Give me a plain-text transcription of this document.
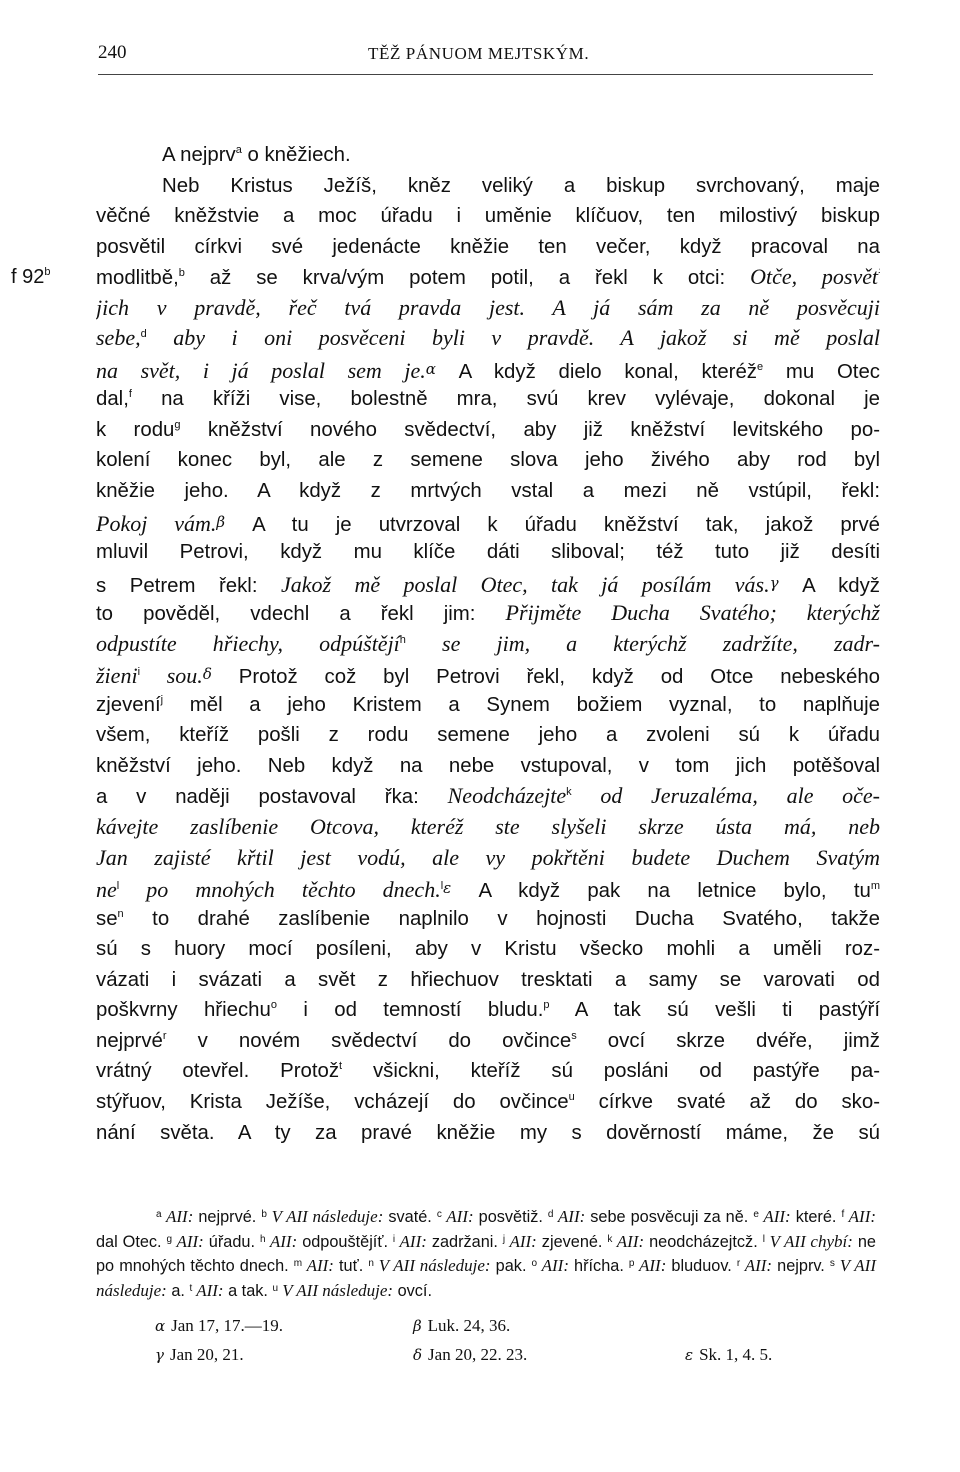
240	TĚŽ PÁNUOM MEJTSKÝM.
f 92$^b$
A nejprv$^a$ o kněžiech.
Neb Kristus Ježíš, kněz veliký a biskup svrchovaný, maje
věčné kněžstvie a moc úřadu i uměnie klíčuov, ten milostivý biskup
posvětil církvi své jedenácte kněžie ten večer, když pracoval na
modlitbě,$^b$ až se krva/vým potem potil, a řekl k otci: Otče, posvěť
jich v pravdě, řeč tvá pravda jest. A já sám za ně posvěcuji
sebe,$^d$ aby i oni posvěceni byli v pravdě. A jakož si mě poslal
na svět, i já poslal sem je.α A když dielo konal, kteréž$^e$ mu Otec
dal,$^f$ na kříži vise, bolestně mra, svú krev vylévaje, dokonal je
k rodu$^g$ kněžství nového svědectví, aby již kněžství levitského po-
kolení konec byl, ale z semene slova jeho živého aby rod byl
kněžie jeho. A když z mrtvých vstal a mezi ně vstúpil, řekl:
Pokoj vám.β A tu je utvrzoval k úřadu kněžství tak, jakož prvé
mluvil Petrovi, když mu klíče dáti sliboval; též tuto již desíti
s Petrem řekl: Jakož mě poslal Otec, tak já posílám vás.γ A když
to pověděl, vdechl a řekl jim: Přijměte Ducha Svatého; kterýchž
odpustíte hřiechy, odpúštějí$^h$ se jim, a kterýchž zadržíte, zadr-
žieni$^i$ sou.δ Protož což byl Petrovi řekl, když od Otce nebeského
zjevení$^j$ měl a jeho Kristem a Synem božiem vyznal, to naplňuje
všem, kteříž pošli z rodu semene jeho a zvoleni sú k úřadu
kněžství jeho. Neb když na nebe vstupoval, v tom jich potěšoval
a v naději postavoval řka: Neodcházejte$^k$ od Jeruzaléma, ale oče-
kávejte zaslíbenie Otcova, kteréž ste slyšeli skrze ústa má, neb
Jan zajisté křtil jest vodú, ale vy pokřtěni budete Duchem Svatým
$ne^l$ po mnohých těchto dnech.$^l$ε A když pak na letnice bylo, $tu^m$
$se^n$ to drahé zaslíbenie naplnilo v hojnosti Ducha Svatého, takže
sú s huory mocí posíleni, aby v Kristu všecko mohli a uměli roz-
vázati i svázati a svět z hřiechuov tresktati a samy se varovati od
poškvrny hřiechu$^o$ i od temností bludu.$^p$ A tak sú vešli ti pastýří
nejprvé$^r$ v novém svědectví do ovčince$^s$ ovcí skrze dvéře, jimž
vrátný otevřel. Protož$^t$ všickni, kteříž sú posláni od pastýře pa-
stýřuov, Krista Ježíše, vcházejí do ovčince$^u$ církve svaté až do sko-
nání světa. A ty za pravé kněžie my s dověrností máme, že sú
$^a$ AII: nejprvé. $^b$ V AII následuje: svaté. $^c$ AII: posvětiž. $^d$ AII: sebe posvěcuji za ně. $^e$ AII: které. $^f$ AII: dal Otec. $^g$ AII: úřadu. $^h$ AII: odpouštějíť. $^i$ AII: zadržani. $^j$ AII: zjevené. $^k$ AII: neodcházejtcž. $^l$ V AII chybí: ne po mnohých těchto dnech. $^m$ AII: tuť. $^n$ V AII následuje: pak. $^o$ AII: hřícha. $^p$ AII: bluduov. $^r$ AII: nejprv. $^s$ V AII následuje: a. $^t$ AII: a tak. $^u$ V AII následuje: ovcí.
α Jan 17, 17.—19.	β Luk. 24, 36.
γ Jan 20, 21.	δ Jan 20, 22. 23.	ε Sk. 1, 4. 5.
